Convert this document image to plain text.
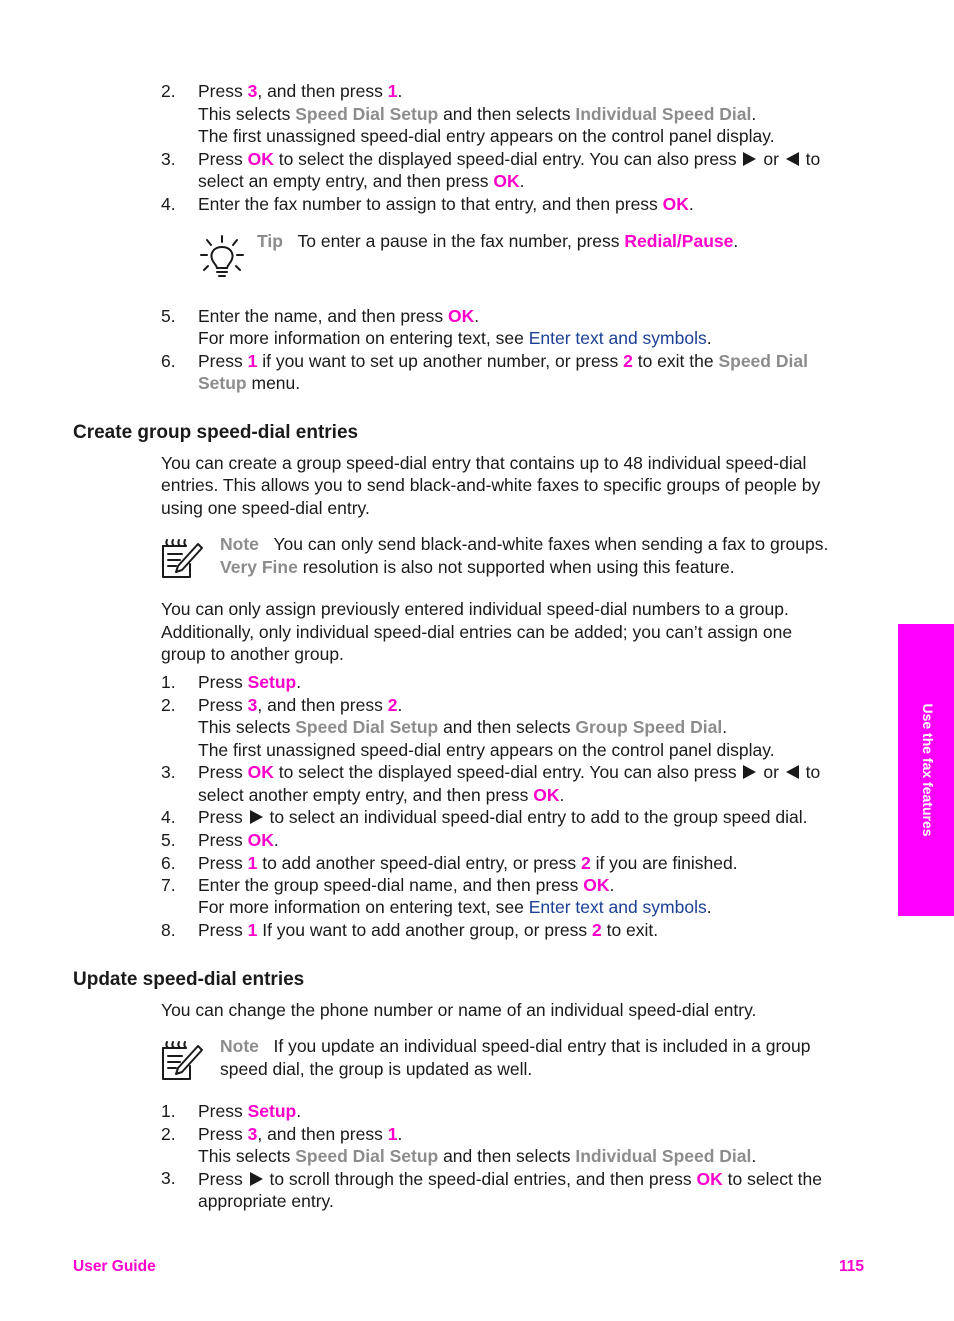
2. Press 3, and then press 1.
This selects Speed Dial Setup and then selects Individual Speed Dial.
The first unassigned speed-dial entry appears on the control panel display.
3. Press OK to select the displayed speed-dial entry. You can also press  or  to
select an empty entry, and then press OK.
4. Enter the fax number to assign to that entry, and then press OK.
Tip To enter a pause in the fax number, press Redial/Pause.
5. Enter the name, and then press OK.
For more information on entering text, see Enter text and symbols.
6. Press 1 if you want to set up another number, or press 2 to exit the Speed Dial
Setup menu.
Create group speed-dial entries
You can create a group speed-dial entry that contains up to 48 individual speed-dial
entries. This allows you to send black-and-white faxes to specific groups of people by
using one speed-dial entry.
Note You can only send black-and-white faxes when sending a fax to groups.
Very Fine resolution is also not supported when using this feature.
You can only assign previously entered individual speed-dial numbers to a group.
Additionally, only individual speed-dial entries can be added; you can’t assign one
group to another group.
1. Press Setup.
2. Press 3, and then press 2.
This selects Speed Dial Setup and then selects Group Speed Dial.
The first unassigned speed-dial entry appears on the control panel display.
3. Press OK to select the displayed speed-dial entry. You can also press  or  to
select another empty entry, and then press OK.
4. Press  to select an individual speed-dial entry to add to the group speed dial.
5. Press OK.
6. Press 1 to add another speed-dial entry, or press 2 if you are finished.
7. Enter the group speed-dial name, and then press OK.
For more information on entering text, see Enter text and symbols.
8. Press 1 If you want to add another group, or press 2 to exit.
Update speed-dial entries
You can change the phone number or name of an individual speed-dial entry.
Note If you update an individual speed-dial entry that is included in a group
speed dial, the group is updated as well.
1. Press Setup.
2. Press 3, and then press 1.
This selects Speed Dial Setup and then selects Individual Speed Dial.
3. Press  to scroll through the speed-dial entries, and then press OK to select the
appropriate entry.
Use the fax features
User Guide	115
